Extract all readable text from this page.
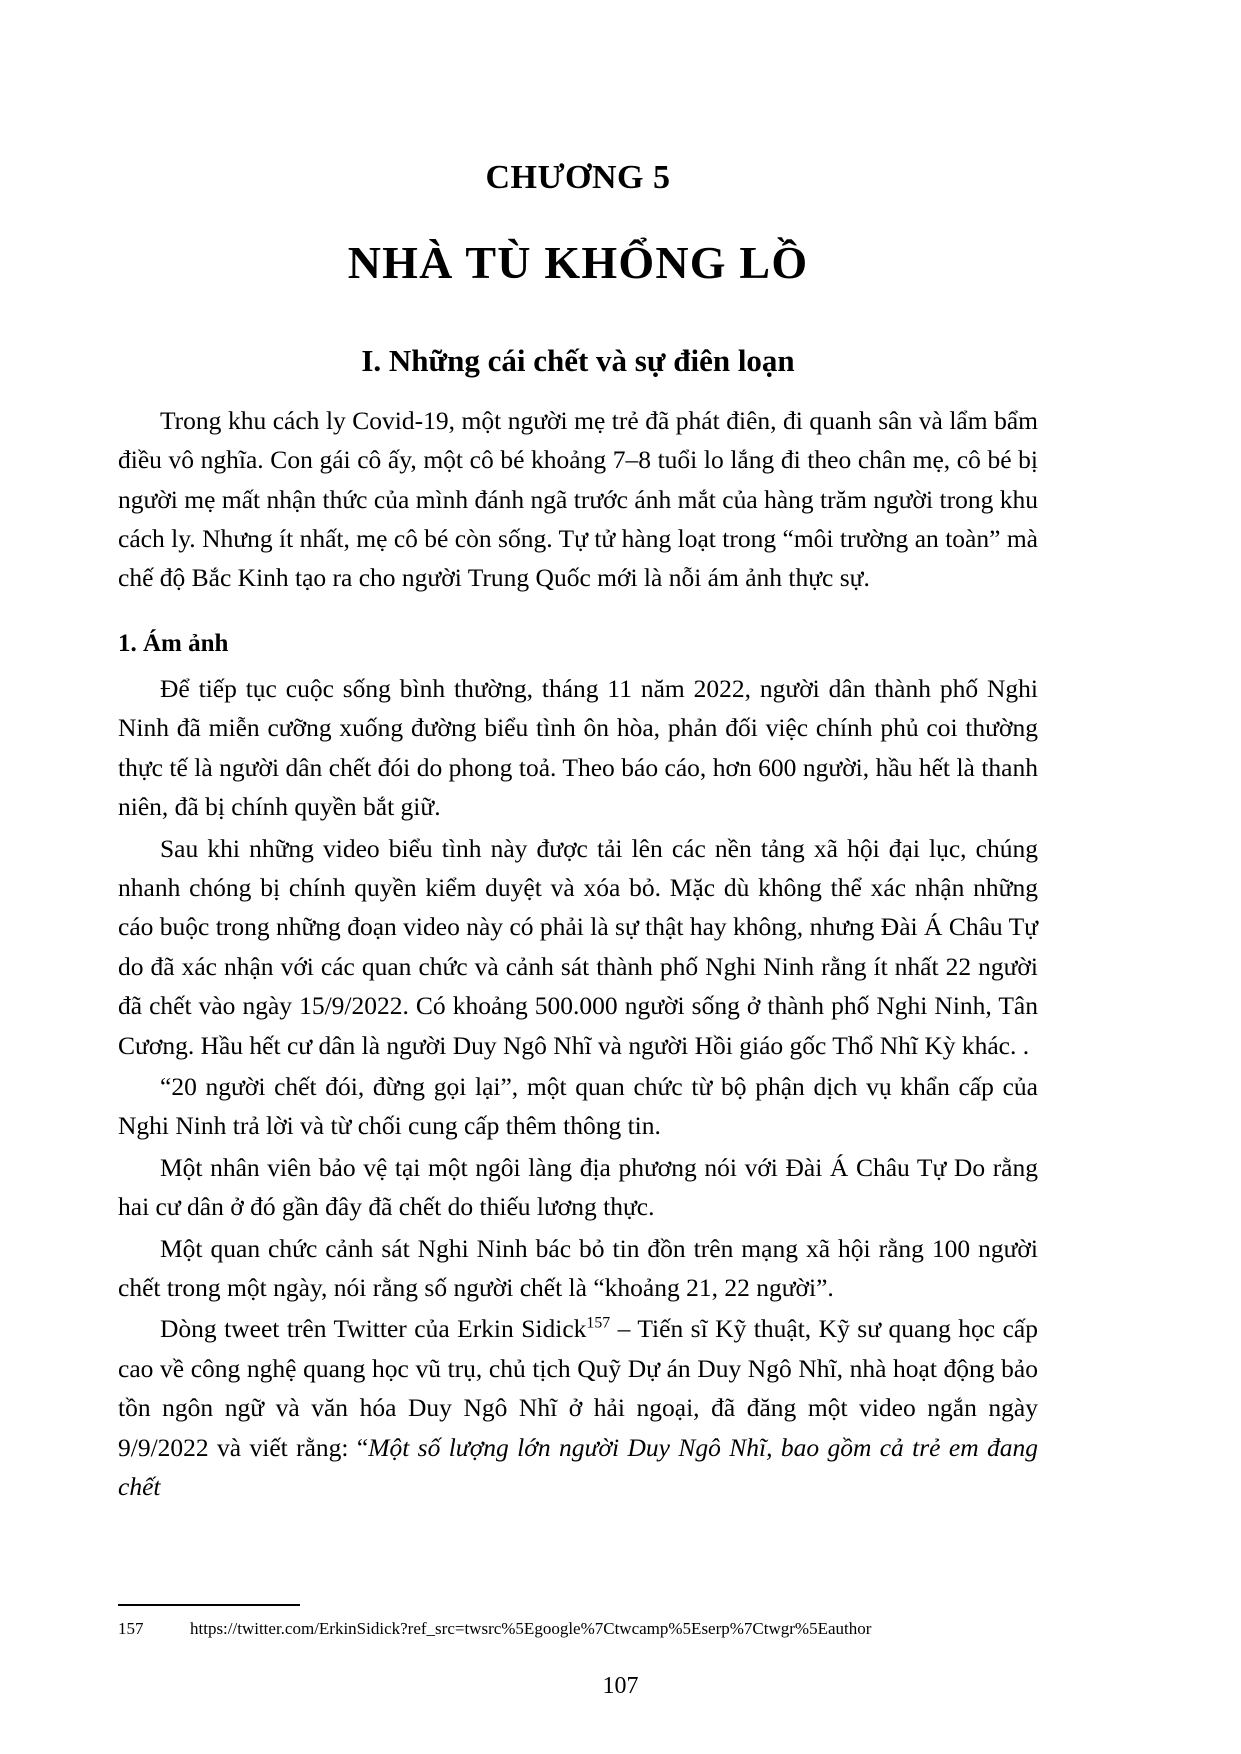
CHƯƠNG 5
NHÀ TÙ KHỔNG LỒ
I. Những cái chết và sự điên loạn

Trong khu cách ly Covid-19, một người mẹ trẻ đã phát điên, đi quanh sân và lẩm bẩm điều vô nghĩa. Con gái cô ấy, một cô bé khoảng 7–8 tuổi lo lắng đi theo chân mẹ, cô bé bị người mẹ mất nhận thức của mình đánh ngã trước ánh mắt của hàng trăm người trong khu cách ly. Nhưng ít nhất, mẹ cô bé còn sống. Tự tử hàng loạt trong “môi trường an toàn” mà chế độ Bắc Kinh tạo ra cho người Trung Quốc mới là nỗi ám ảnh thực sự.

1. Ám ảnh

Để tiếp tục cuộc sống bình thường, tháng 11 năm 2022, người dân thành phố Nghi Ninh đã miễn cưỡng xuống đường biểu tình ôn hòa, phản đối việc chính phủ coi thường thực tế là người dân chết đói do phong toả. Theo báo cáo, hơn 600 người, hầu hết là thanh niên, đã bị chính quyền bắt giữ.

Sau khi những video biểu tình này được tải lên các nền tảng xã hội đại lục, chúng nhanh chóng bị chính quyền kiểm duyệt và xóa bỏ. Mặc dù không thể xác nhận những cáo buộc trong những đoạn video này có phải là sự thật hay không, nhưng Đài Á Châu Tự do đã xác nhận với các quan chức và cảnh sát thành phố Nghi Ninh rằng ít nhất 22 người đã chết vào ngày 15/9/2022. Có khoảng 500.000 người sống ở thành phố Nghi Ninh, Tân Cương. Hầu hết cư dân là người Duy Ngô Nhĩ và người Hồi giáo gốc Thổ Nhĩ Kỳ khác. .

“20 người chết đói, đừng gọi lại”, một quan chức từ bộ phận dịch vụ khẩn cấp của Nghi Ninh trả lời và từ chối cung cấp thêm thông tin.

Một nhân viên bảo vệ tại một ngôi làng địa phương nói với Đài Á Châu Tự Do rằng hai cư dân ở đó gần đây đã chết do thiếu lương thực.

Một quan chức cảnh sát Nghi Ninh bác bỏ tin đồn trên mạng xã hội rằng 100 người chết trong một ngày, nói rằng số người chết là “khoảng 21, 22 người”.

Dòng tweet trên Twitter của Erkin Sidick$^{157}$ – Tiến sĩ Kỹ thuật, Kỹ sư quang học cấp cao về công nghệ quang học vũ trụ, chủ tịch Quỹ Dự án Duy Ngô Nhĩ, nhà hoạt động bảo tồn ngôn ngữ và văn hóa Duy Ngô Nhĩ ở hải ngoại, đã đăng một video ngắn ngày 9/9/2022 và viết rằng: “Một số lượng lớn người Duy Ngô Nhĩ, bao gồm cả trẻ em đang chết

157	https://twitter.com/ErkinSidick?ref_src=twsrc%5Egoogle%7Ctwcamp%5Eserp%7Ctwgr%5Eauthor
107
